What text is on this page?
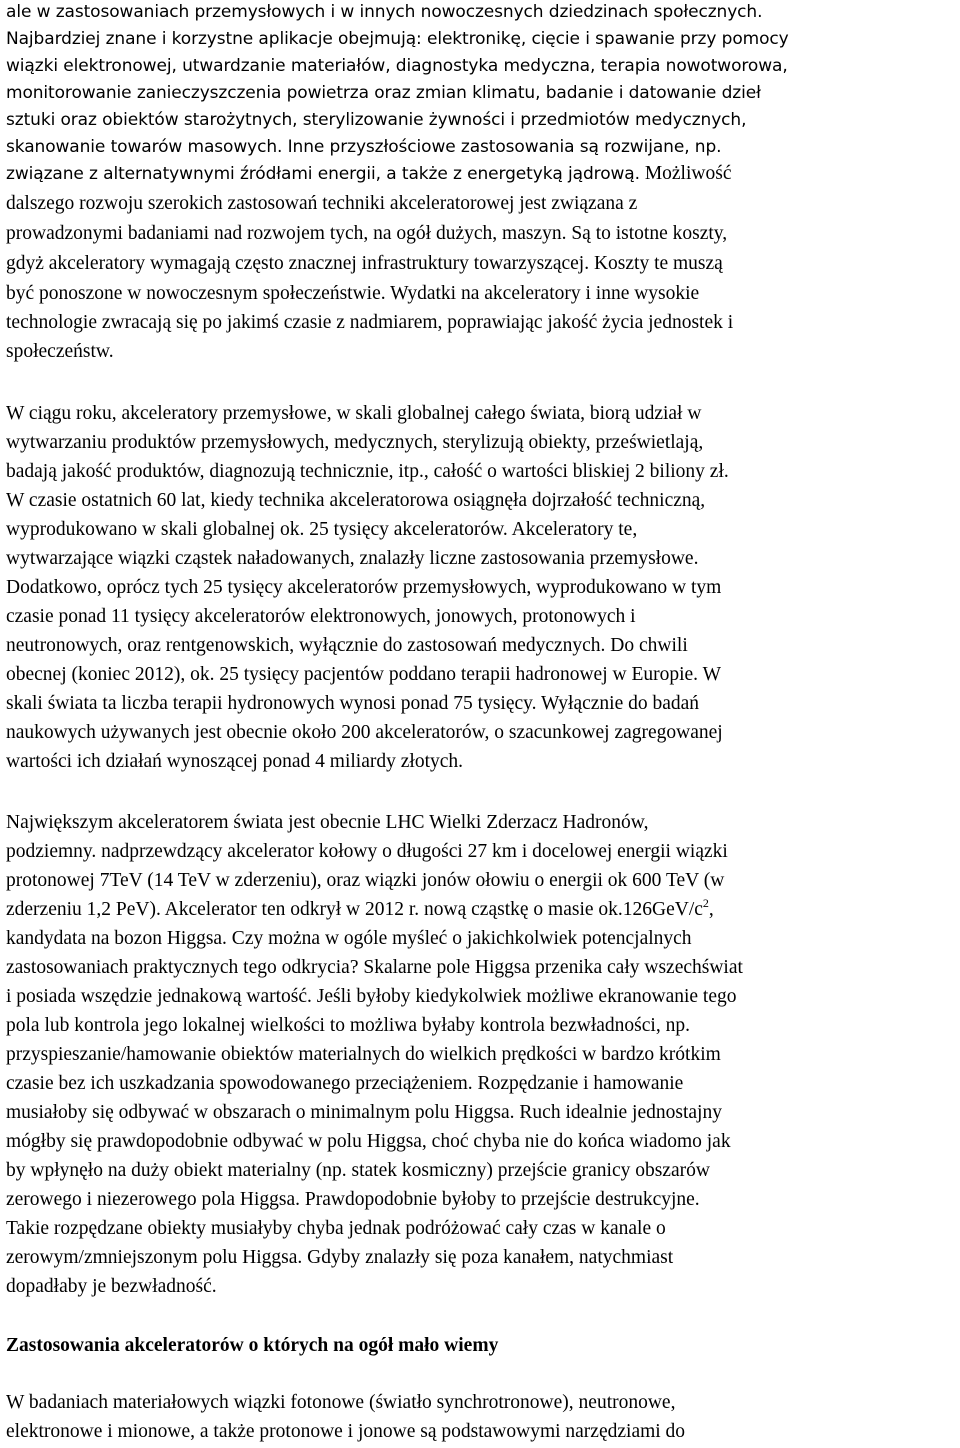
ale w zastosowaniach przemysłowych i w innych nowoczesnych dziedzinach społecznych.
Najbardziej znane i korzystne aplikacje obejmują: elektronikę, cięcie i spawanie przy pomocy
wiązki elektronowej, utwardzanie materiałów, diagnostyka medyczna, terapia nowotworowa,
monitorowanie zanieczyszczenia powietrza oraz zmian klimatu, badanie i datowanie dzieł
sztuki oraz obiektów starożytnych, sterylizowanie żywności i przedmiotów medycznych,
skanowanie towarów masowych. Inne przyszłościowe zastosowania są rozwijane, np.
związane z alternatywnymi źródłami energii, a także z energetyką jądrową. Możliwość
dalszego rozwoju szerokich zastosowań techniki akceleratorowej jest związana z
prowadzonymi badaniami nad rozwojem tych, na ogół dużych, maszyn. Są to istotne koszty,
gdyż akceleratory wymagają często znacznej infrastruktury towarzyszącej. Koszty te muszą
być ponoszone w nowoczesnym społeczeństwie. Wydatki na akceleratory i inne wysokie
technologie zwracają się po jakimś czasie z nadmiarem, poprawiając jakość życia jednostek i
społeczeństw.
W ciągu roku, akceleratory przemysłowe, w skali globalnej całego świata, biorą udział w
wytwarzaniu produktów przemysłowych, medycznych, sterylizują obiekty, prześwietlają,
badają jakość produktów, diagnozują technicznie, itp., całość o wartości bliskiej 2 biliony zł.
W czasie ostatnich 60 lat, kiedy technika akceleratorowa osiągnęła dojrzałość techniczną,
wyprodukowano w skali globalnej ok. 25 tysięcy akceleratorów. Akceleratory te,
wytwarzające wiązki cząstek naładowanych, znalazły liczne zastosowania przemysłowe.
Dodatkowo, oprócz tych 25 tysięcy akceleratorów przemysłowych, wyprodukowano w tym
czasie ponad 11 tysięcy akceleratorów elektronowych, jonowych, protonowych i
neutronowych, oraz rentgenowskich, wyłącznie do zastosowań medycznych. Do chwili
obecnej (koniec 2012), ok. 25 tysięcy pacjentów poddano terapii hadronowej w Europie. W
skali świata ta liczba terapii hydronowych wynosi ponad 75 tysięcy. Wyłącznie do badań
naukowych używanych jest obecnie około 200 akceleratorów, o szacunkowej zagregowanej
wartości ich działań wynoszącej ponad 4 miliardy złotych.
Największym akceleratorem świata jest obecnie LHC Wielki Zderzacz Hadronów,
podziemny. nadprzewdzący akcelerator kołowy o długości 27 km i docelowej energii wiązki
protonowej 7TeV (14 TeV w zderzeniu), oraz wiązki jonów ołowiu o energii ok 600 TeV (w
zderzeniu 1,2 PeV). Akcelerator ten odkrył w 2012 r. nową cząstkę o masie $ok.126GeV/c^2$,
kandydata na bozon Higgsa. Czy można w ogóle myśleć o jakichkolwiek potencjalnych
zastosowaniach praktycznych tego odkrycia? Skalarne pole Higgsa przenika cały wszechświat
i posiada wszędzie jednakową wartość. Jeśli byłoby kiedykolwiek możliwe ekranowanie tego
pola lub kontrola jego lokalnej wielkości to możliwa byłaby kontrola bezwładności, np.
przyspieszanie/hamowanie obiektów materialnych do wielkich prędkości w bardzo krótkim
czasie bez ich uszkadzania spowodowanego przeciążeniem. Rozpędzanie i hamowanie
musiałoby się odbywać w obszarach o minimalnym polu Higgsa. Ruch idealnie jednostajny
mógłby się prawdopodobnie odbywać w polu Higgsa, choć chyba nie do końca wiadomo jak
by wpłynęło na duży obiekt materialny (np. statek kosmiczny) przejście granicy obszarów
zerowego i niezerowego pola Higgsa. Prawdopodobnie byłoby to przejście destrukcyjne.
Takie rozpędzane obiekty musiałyby chyba jednak podróżować cały czas w kanale o
zerowym/zmniejszonym polu Higgsa. Gdyby znalazły się poza kanałem, natychmiast
dopadłaby je bezwładność.
Zastosowania akceleratorów o których na ogół mało wiemy
W badaniach materiałowych wiązki fotonowe (światło synchrotronowe), neutronowe,
elektronowe i mionowe, a także protonowe i jonowe są podstawowymi narzędziami do
